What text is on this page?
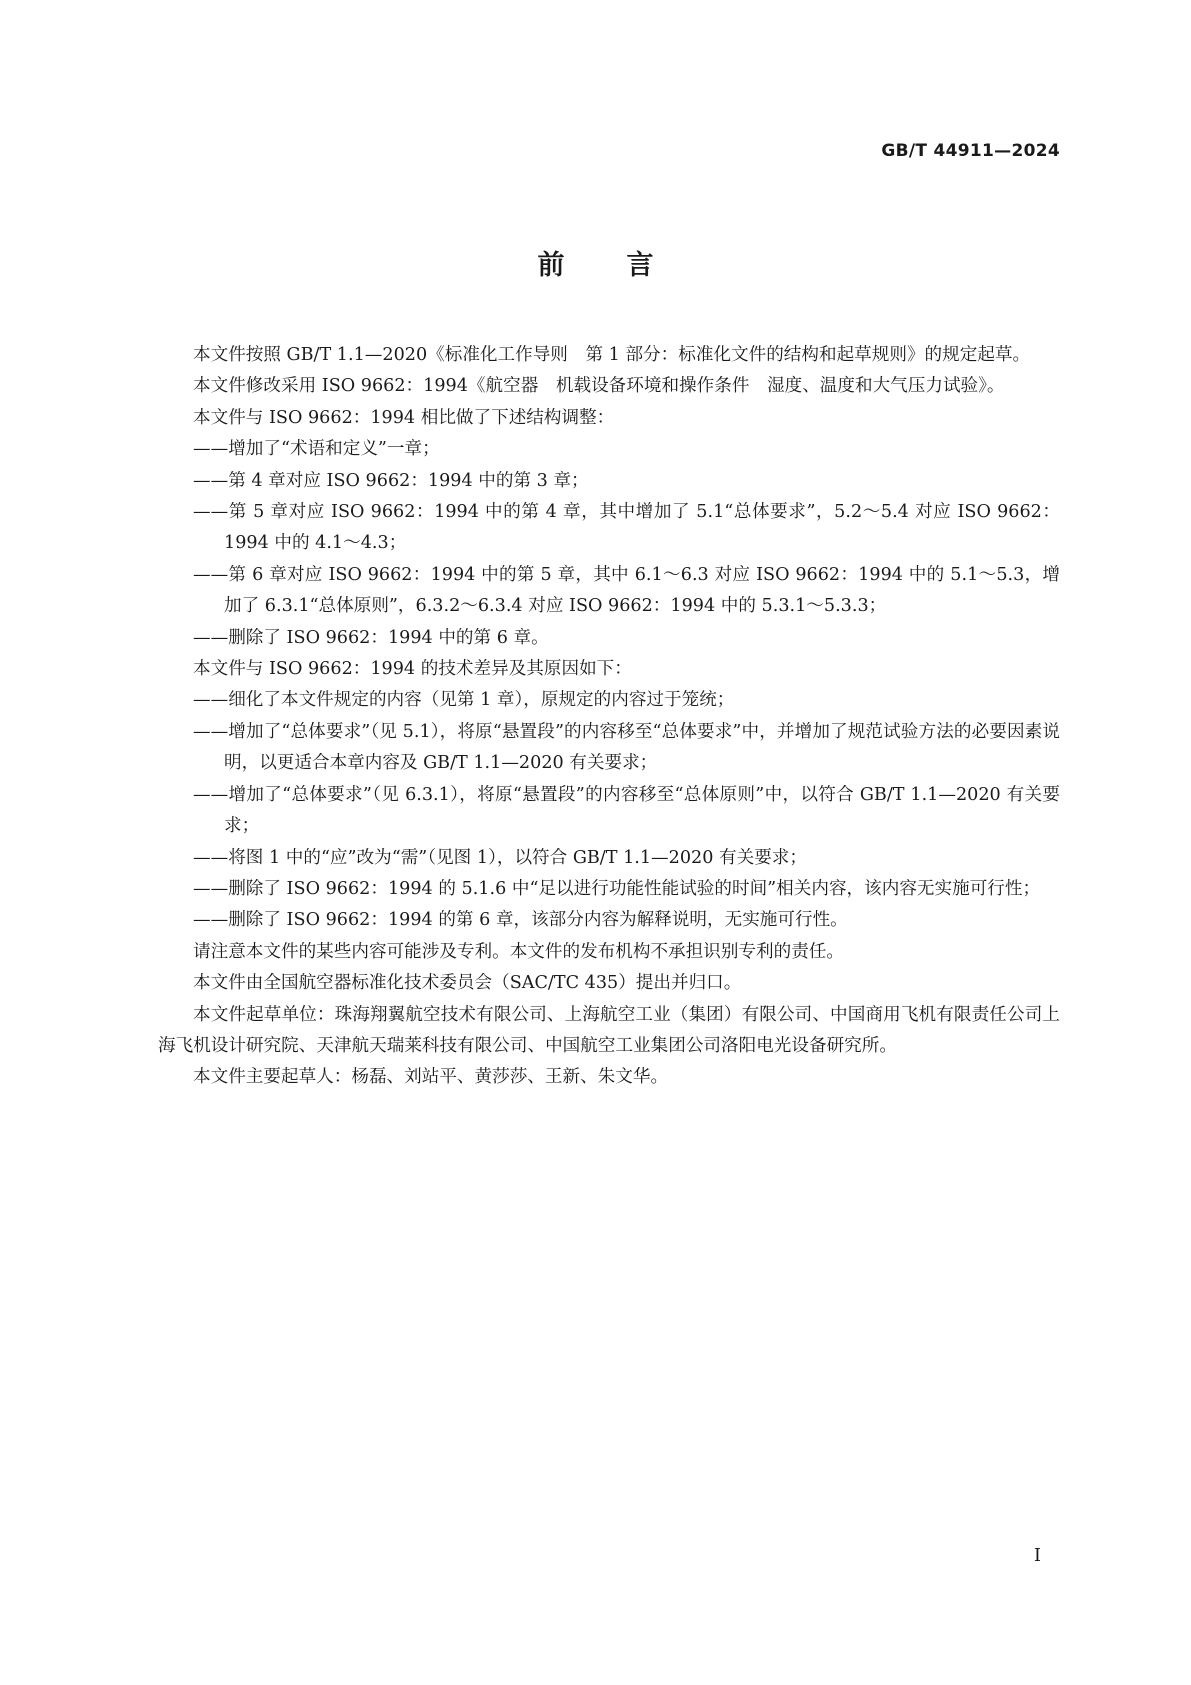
GB/T 44911—2024
前言

本文件按照 GB/T 1.1—2020《标准化工作导则　第 1 部分：标准化文件的结构和起草规则》的规定起草。

本文件修改采用 ISO 9662：1994《航空器　机载设备环境和操作条件　湿度、温度和大气压力试验》。

本文件与 ISO 9662：1994 相比做了下述结构调整：

——增加了“术语和定义”一章；

——第 4 章对应 ISO 9662：1994 中的第 3 章；

——第 5 章对应 ISO 9662：1994 中的第 4 章，其中增加了 5.1“总体要求”，5.2～5.4 对应 ISO 9662：1994 中的 4.1～4.3；

——第 6 章对应 ISO 9662：1994 中的第 5 章，其中 6.1～6.3 对应 ISO 9662：1994 中的 5.1～5.3，增加了 6.3.1“总体原则”，6.3.2～6.3.4 对应 ISO 9662：1994 中的 5.3.1～5.3.3；

——删除了 ISO 9662：1994 中的第 6 章。

本文件与 ISO 9662：1994 的技术差异及其原因如下：

——细化了本文件规定的内容（见第 1 章），原规定的内容过于笼统；

——增加了“总体要求”（见 5.1），将原“悬置段”的内容移至“总体要求”中，并增加了规范试验方法的必要因素说明，以更适合本章内容及 GB/T 1.1—2020 有关要求；

——增加了“总体要求”（见 6.3.1），将原“悬置段”的内容移至“总体原则”中，以符合 GB/T 1.1—2020 有关要求；

——将图 1 中的“应”改为“需”（见图 1），以符合 GB/T 1.1—2020 有关要求；

——删除了 ISO 9662：1994 的 5.1.6 中“足以进行功能性能试验的时间”相关内容，该内容无实施可行性；

——删除了 ISO 9662：1994 的第 6 章，该部分内容为解释说明，无实施可行性。

请注意本文件的某些内容可能涉及专利。本文件的发布机构不承担识别专利的责任。

本文件由全国航空器标准化技术委员会（SAC/TC 435）提出并归口。

本文件起草单位：珠海翔翼航空技术有限公司、上海航空工业（集团）有限公司、中国商用飞机有限责任公司上海飞机设计研究院、天津航天瑞莱科技有限公司、中国航空工业集团公司洛阳电光设备研究所。

本文件主要起草人：杨磊、刘站平、黄莎莎、王新、朱文华。

I
